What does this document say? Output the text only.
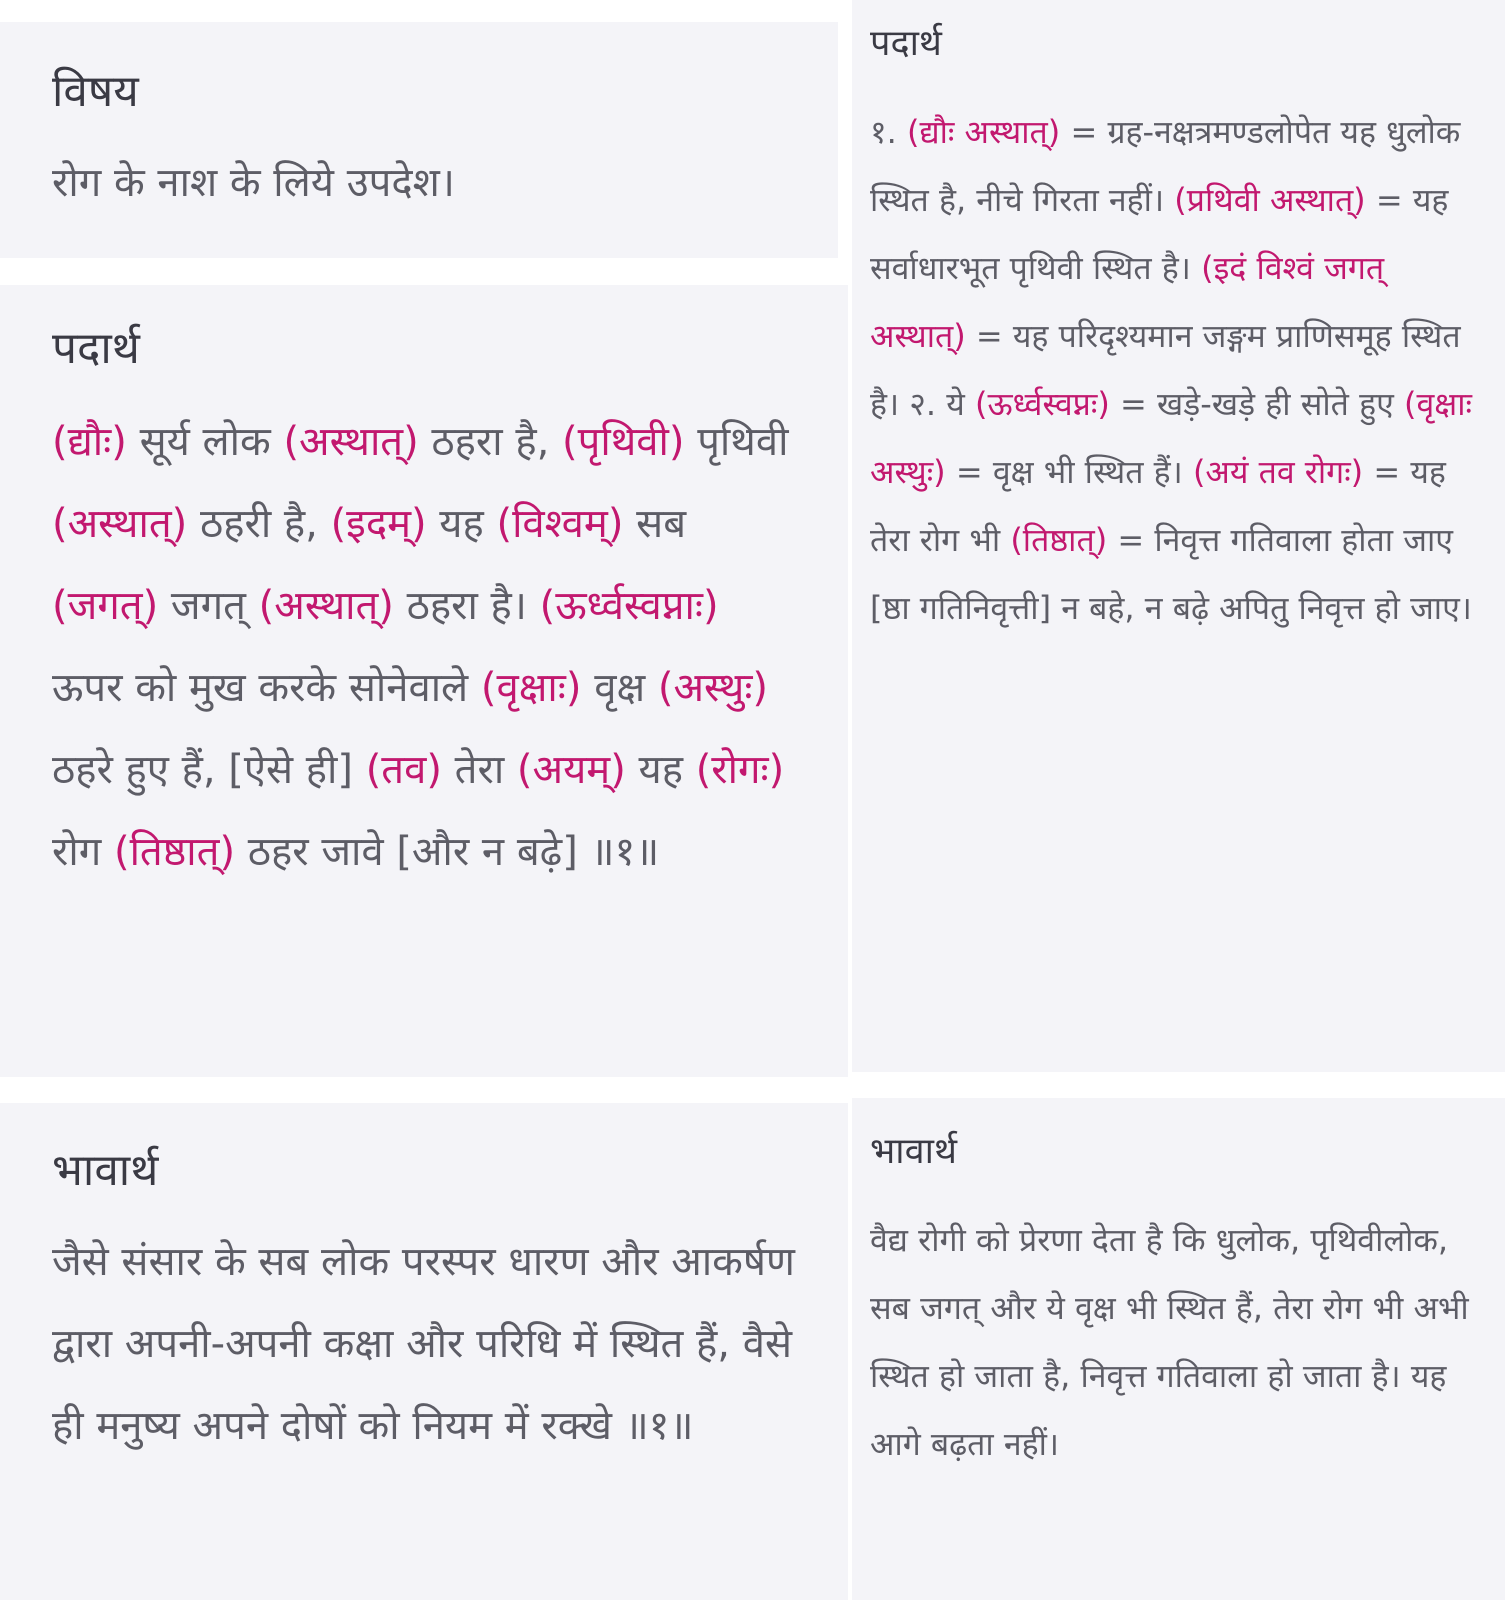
विषय

रोग के नाश के लिये उपदेश।

पदार्थ

(द्यौः) सूर्य लोक (अस्थात्) ठहरा है, (पृथिवी) पृथिवी (अस्थात्) ठहरी है, (इदम्) यह (विश्वम्) सब (जगत्) जगत् (अस्थात्) ठहरा है। (ऊर्ध्वस्वप्नाः) ऊपर को मुख करके सोनेवाले (वृक्षाः) वृक्ष (अस्थुः) ठहरे हुए हैं, [ऐसे ही] (तव) तेरा (अयम्) यह (रोगः) रोग (तिष्ठात्) ठहर जावे [और न बढ़े] ॥१॥

भावार्थ

जैसे संसार के सब लोक परस्पर धारण और आकर्षण द्वारा अपनी-अपनी कक्षा और परिधि में स्थित हैं, वैसे ही मनुष्य अपने दोषों को नियम में रक्खे ॥१॥

पदार्थ

१. (द्यौः अस्थात्) = ग्रह-नक्षत्रमण्डलोपेत यह धुलोक स्थित है, नीचे गिरता नहीं। (प्रथिवी अस्थात्) = यह सर्वाधारभूत पृथिवी स्थित है। (इदं विश्वं जगत् अस्थात्) = यह परिदृश्यमान जङ्गम प्राणिसमूह स्थित है। २. ये (ऊर्ध्वस्वप्नः) = खड़े-खड़े ही सोते हुए (वृक्षाः अस्थुः) = वृक्ष भी स्थित हैं। (अयं तव रोगः) = यह तेरा रोग भी (तिष्ठात्) = निवृत्त गतिवाला होता जाए [ष्ठा गतिनिवृत्ती] न बहे, न बढ़े अपितु निवृत्त हो जाए।

भावार्थ

वैद्य रोगी को प्रेरणा देता है कि धुलोक, पृथिवीलोक, सब जगत् और ये वृक्ष भी स्थित हैं, तेरा रोग भी अभी स्थित हो जाता है, निवृत्त गतिवाला हो जाता है। यह आगे बढ़ता नहीं।
